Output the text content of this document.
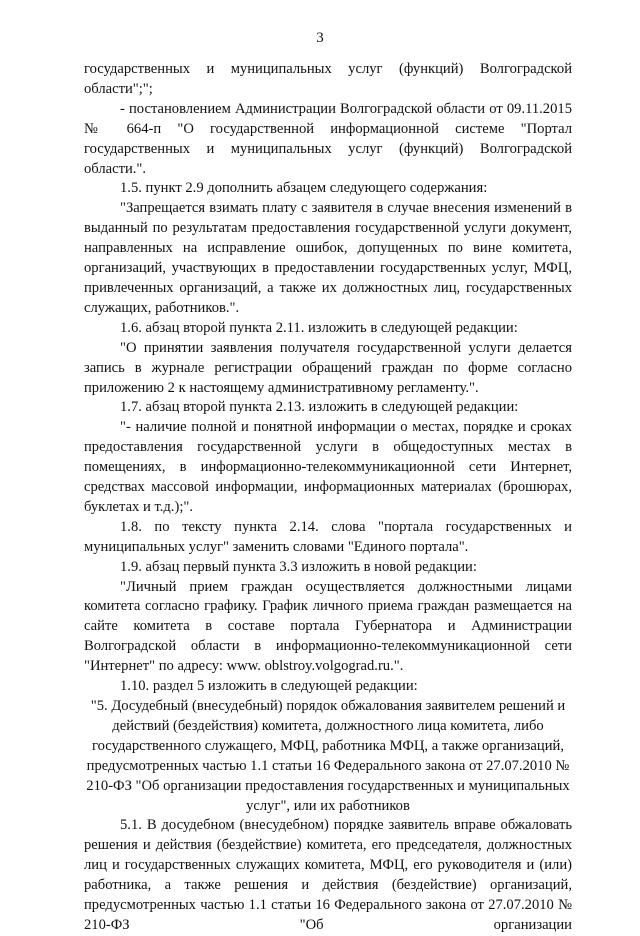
3

государственных и муниципальных услуг (функций) Волгоградской области";";

- постановлением Администрации Волгоградской области от 09.11.2015 № 664-п "О государственной информационной системе "Портал государственных и муниципальных услуг (функций) Волгоградской области.".

1.5. пункт 2.9 дополнить абзацем следующего содержания:

"Запрещается взимать плату с заявителя в случае внесения изменений в выданный по результатам предоставления государственной услуги документ, направленных на исправление ошибок, допущенных по вине комитета, организаций, участвующих в предоставлении государственных услуг, МФЦ, привлеченных организаций, а также их должностных лиц, государственных служащих, работников.".

1.6. абзац второй пункта 2.11. изложить в следующей редакции:

"О принятии заявления получателя государственной услуги делается запись в журнале регистрации обращений граждан по форме согласно приложению 2 к настоящему административному регламенту.".

1.7. абзац второй пункта 2.13. изложить в следующей редакции:

"- наличие полной и понятной информации о местах, порядке и сроках предоставления государственной услуги в общедоступных местах в помещениях, в информационно-телекоммуникационной сети Интернет, средствах массовой информации, информационных материалах (брошюрах, буклетах и т.д.);".

1.8. по тексту пункта 2.14. слова "портала государственных и муниципальных услуг" заменить словами "Единого портала".

1.9. абзац первый пункта 3.3 изложить в новой редакции:

"Личный прием граждан осуществляется должностными лицами комитета согласно графику. График личного приема граждан размещается на сайте комитета в составе портала Губернатора и Администрации Волгоградской области в информационно-телекоммуникационной сети "Интернет" по адресу: www. oblstroy.volgograd.ru.".

1.10. раздел 5 изложить в следующей редакции:

"5. Досудебный (внесудебный) порядок обжалования заявителем решений и действий (бездействия) комитета, должностного лица комитета, либо государственного служащего, МФЦ, работника МФЦ, а также организаций, предусмотренных частью 1.1 статьи 16 Федерального закона от 27.07.2010 № 210-ФЗ "Об организации предоставления государственных и муниципальных услуг", или их работников

5.1. В досудебном (внесудебном) порядке заявитель вправе обжаловать решения и действия (бездействие) комитета, его председателя, должностных лиц и государственных служащих комитета, МФЦ, его руководителя и (или) работника, а также решения и действия (бездействие) организаций, предусмотренных частью 1.1 статьи 16 Федерального закона от 27.07.2010 № 210-ФЗ "Об организации
